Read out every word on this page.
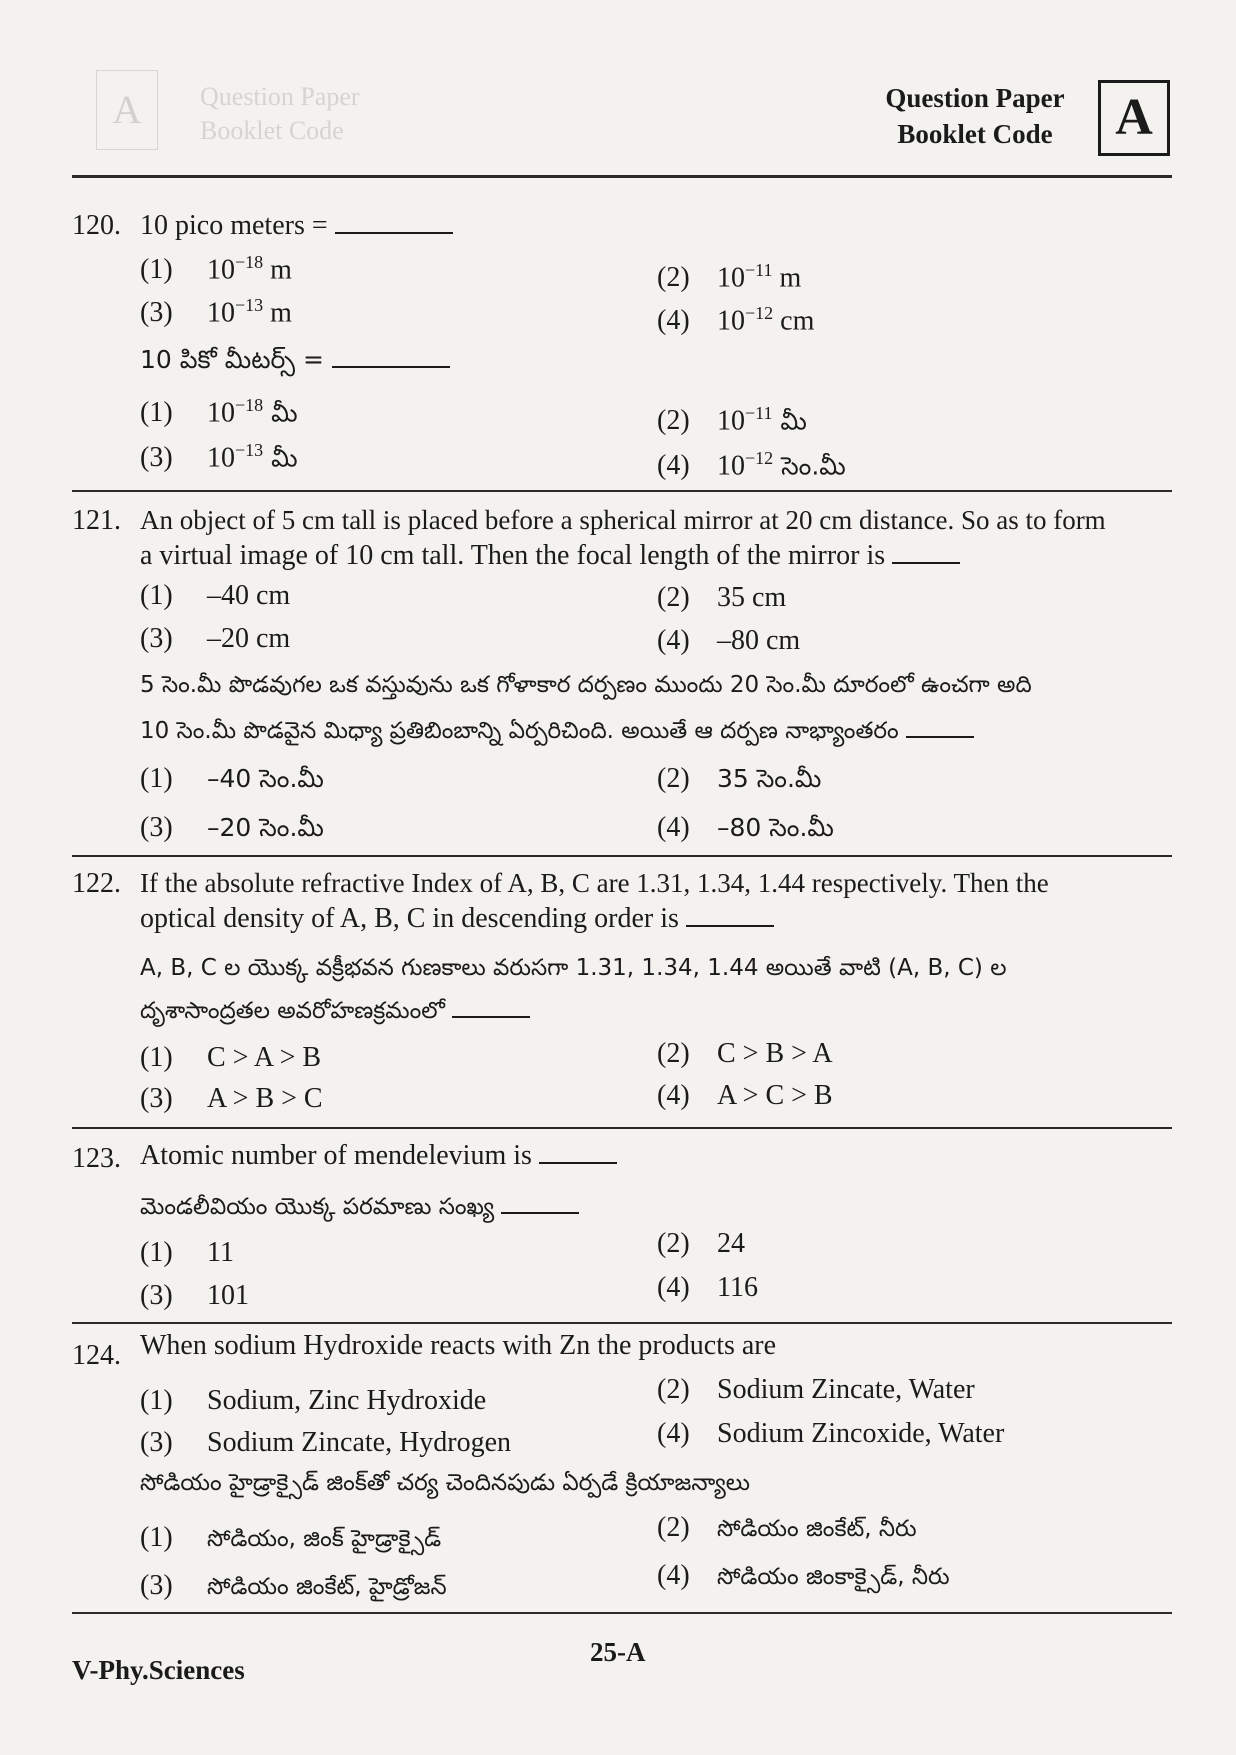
A	Question Paper
Booklet Code
Question Paper
Booklet Code	A
120. 10 pico meters =
(1) $10^{-18}$ m	(2) $10^{-11}$ m
(3) $10^{-13}$ m	(4) $10^{-12}$ cm
10 పికో మీటర్స్ =
(1) $10^{-18}$ మీ	(2) $10^{-11}$ మీ
(3) $10^{-13}$ మీ	(4) $10^{-12}$ సెం.మీ
121. An object of 5 cm tall is placed before a spherical mirror at 20 cm distance. So as to form
a virtual image of 10 cm tall. Then the focal length of the mirror is
(1) –40 cm	(2) 35 cm
(3) –20 cm	(4) –80 cm
5 సెం.మీ పొడవుగల ఒక వస్తువును ఒక గోళాకార దర్పణం ముందు 20 సెం.మీ దూరంలో ఉంచగా అది
10 సెం.మీ పొడవైన మిధ్యా ప్రతిబింబాన్ని ఏర్పరిచింది. అయితే ఆ దర్పణ నాభ్యాంతరం
(1) –40 సెం.మీ	(2) 35 సెం.మీ
(3) –20 సెం.మీ	(4) –80 సెం.మీ
122. If the absolute refractive Index of A, B, C are 1.31, 1.34, 1.44 respectively. Then the
optical density of A, B, C in descending order is
A, B, C ల యొక్క వక్రీభవన గుణకాలు వరుసగా 1.31, 1.34, 1.44 అయితే వాటి (A, B, C) ల
దృశాసాంద్రతల అవరోహణక్రమంలో
(1) C > A > B	(2) C > B > A
(3) A > B > C	(4) A > C > B
123. Atomic number of mendelevium is
మెండలీవియం యొక్క పరమాణు సంఖ్య
(1) 11	(2) 24
(3) 101	(4) 116
124. When sodium Hydroxide reacts with Zn the products are
(1) Sodium, Zinc Hydroxide	(2) Sodium Zincate, Water
(3) Sodium Zincate, Hydrogen	(4) Sodium Zincoxide, Water
సోడియం హైడ్రాక్సైడ్ జింక్‌తో చర్య చెందినపుడు ఏర్పడే క్రియాజన్యాలు
(1) సోడియం, జింక్ హైడ్రాక్సైడ్	(2) సోడియం జింకేట్, నీరు
(3) సోడియం జింకేట్, హైడ్రోజన్	(4) సోడియం జింకాక్సైడ్, నీరు
V-Phy.Sciences
25-A
